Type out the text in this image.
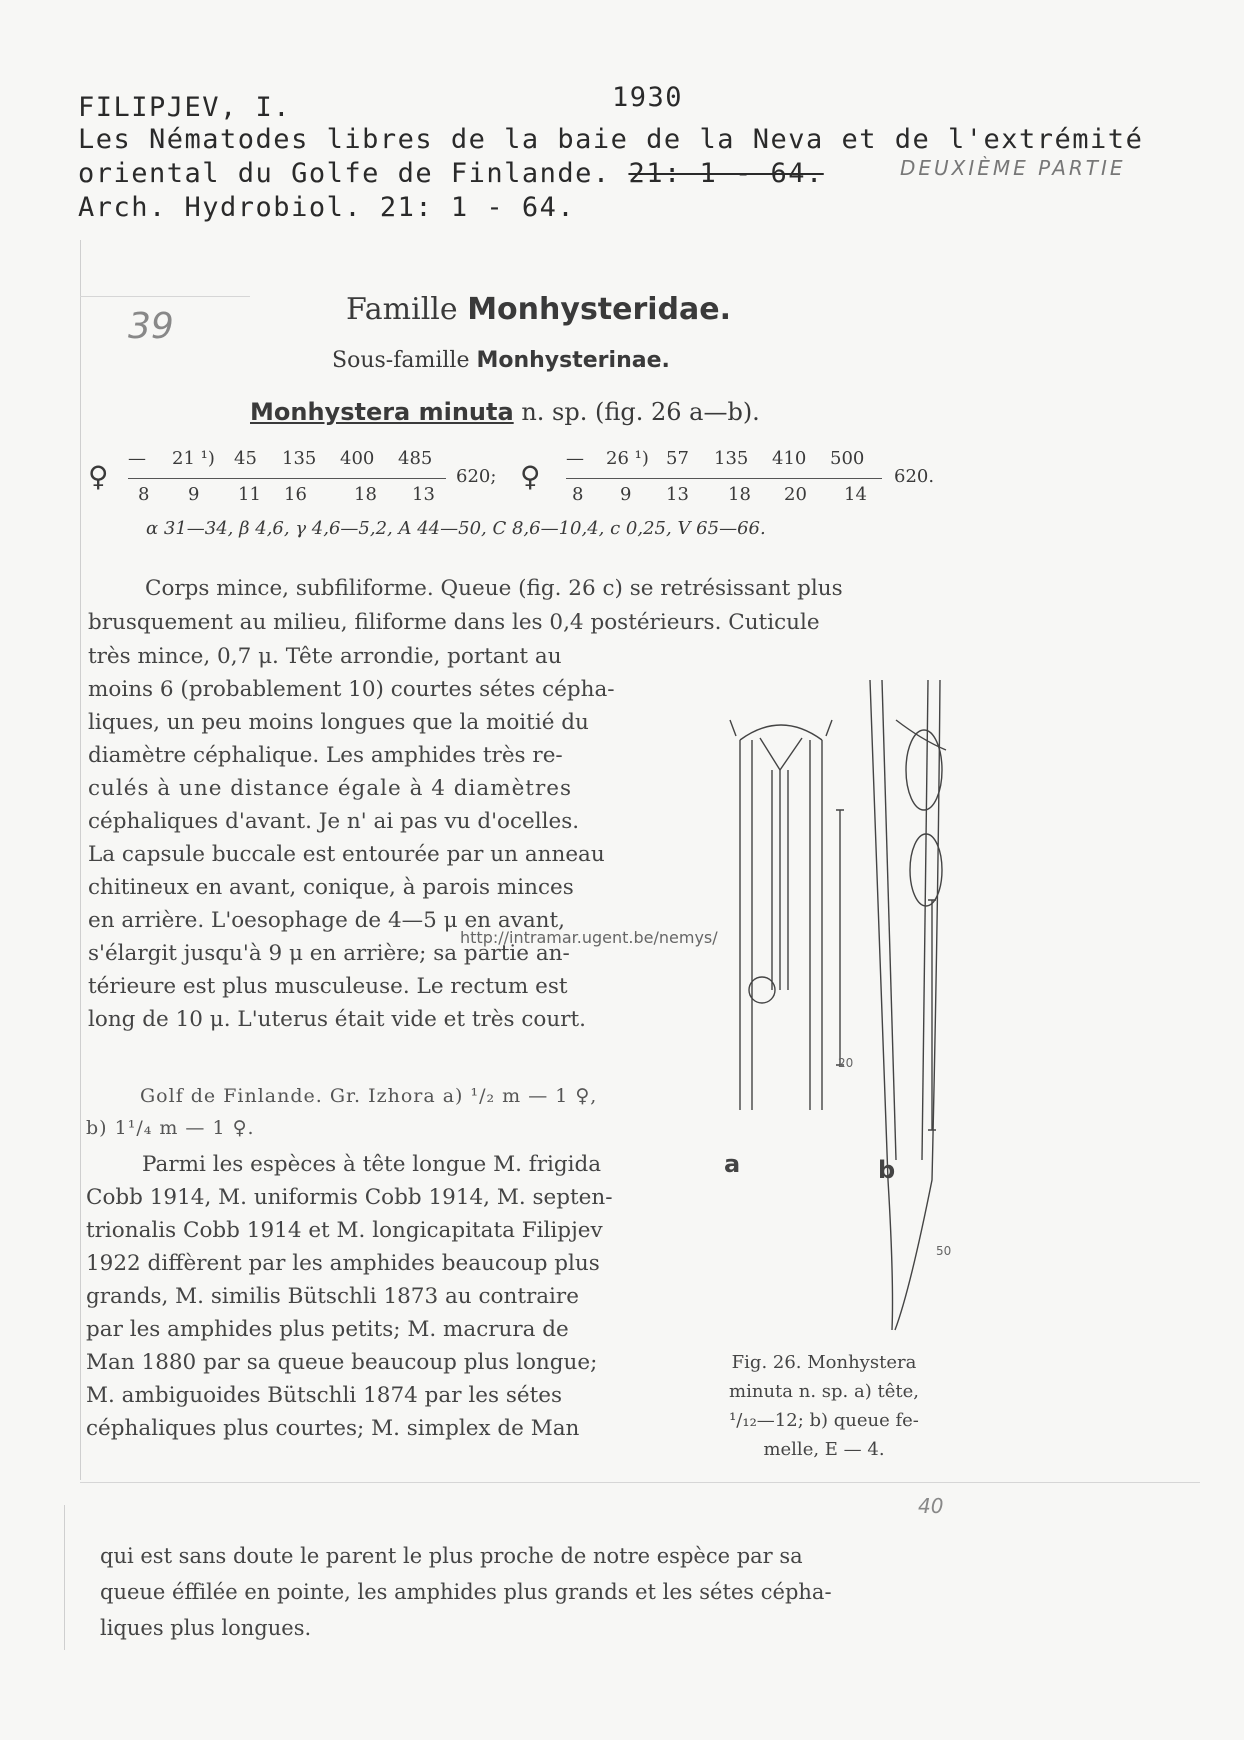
FILIPJEV, I.	1930
Les Nématodes libres de la baie de la Neva et de l'extrémité
oriental du Golfe de Finlande. 21: 1 - 64.	DEUXIÈME PARTIE
Arch. Hydrobiol. 21: 1 - 64.
39	Famille Monhysteridae.
Sous-famille Monhysterinae.
Monhystera minuta n. sp. (fig. 26 a—b).
♀
— 21 ¹) 45 135 400 485
8 9 11 16	18 13
620; ♀
— 26 ¹) 57 135 410 500
8 9 13 18 20 14
620.
α 31—34, β 4,6, γ 4,6—5,2, A 44—50, C 8,6—10,4, c 0,25, V 65—66.
Corps mince, subfiliforme. Queue (fig. 26 c) se retrésissant plus
brusquement au milieu, filiforme dans les 0,4 postérieurs. Cuticule
très mince, 0,7 μ. Tête arrondie, portant au
moins 6 (probablement 10) courtes sétes cépha-
liques, un peu moins longues que la moitié du
diamètre céphalique. Les amphides très re-
culés à une distance égale à 4 diamètres
céphaliques d'avant. Je n' ai pas vu d'ocelles.
La capsule buccale est entourée par un anneau
chitineux en avant, conique, à parois minces
en arrière. L'oesophage de 4—5 μ en avant,
s'élargit jusqu'à 9 μ en arrière; sa partie an-
térieure est plus musculeuse. Le rectum est
long de 10 μ. L'uterus était vide et très court.
http://intramar.ugent.be/nemys/
Golf de Finlande. Gr. Izhora a) ¹/₂ m — 1 ♀,
b) 1¹/₄ m — 1 ♀.
Parmi les espèces à tête longue M. frigida
Cobb 1914, M. uniformis Cobb 1914, M. septen-
trionalis Cobb 1914 et M. longicapitata Filipjev
1922 diffèrent par les amphides beaucoup plus
grands, M. similis Bütschli 1873 au contraire
par les amphides plus petits; M. macrura de
Man 1880 par sa queue beaucoup plus longue;
M. ambiguoides Bütschli 1874 par les sétes
céphaliques plus courtes; M. simplex de Man
20
50
a	b
Fig. 26. Monhystera
minuta n. sp. a) tête,
¹/₁₂—12; b) queue fe-
melle, E — 4.
40
qui est sans doute le parent le plus proche de notre espèce par sa
queue éffilée en pointe, les amphides plus grands et les sétes cépha-
liques plus longues.
